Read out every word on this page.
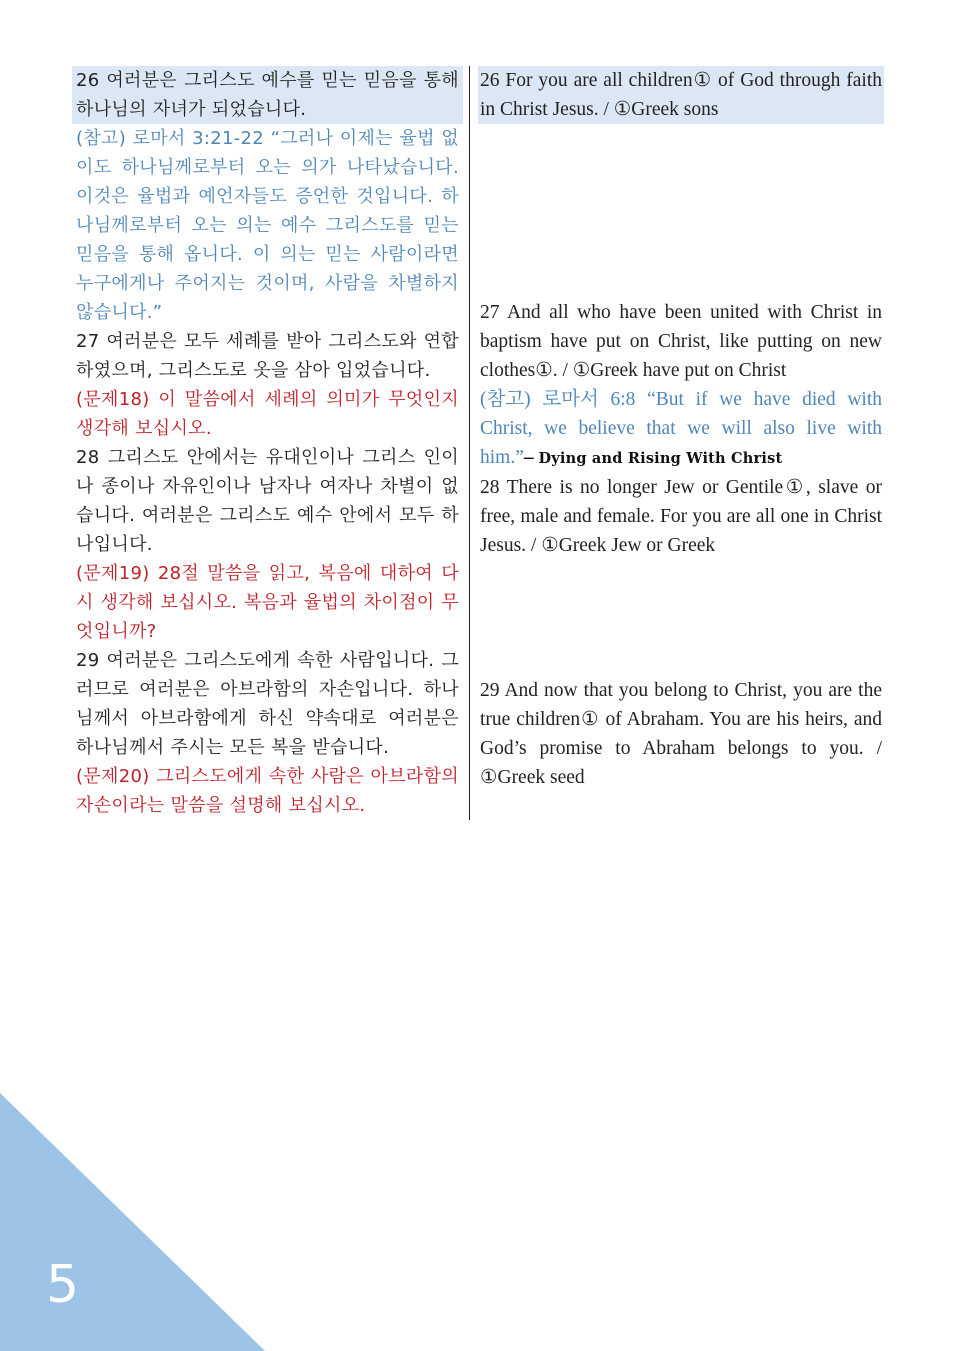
26 여러분은 그리스도 예수를 믿는 믿음을 통해 하나님의 자녀가 되었습니다.

(참고) 로마서 3:21-22 “그러나 이제는 율법 없이도 하나님께로부터 오는 의가 나타났습니다. 이것은 율법과 예언자들도 증언한 것입니다. 하나님께로부터 오는 의는 예수 그리스도를 믿는 믿음을 통해 옵니다. 이 의는 믿는 사람이라면 누구에게나 주어지는 것이며, 사람을 차별하지 않습니다.”

27 여러분은 모두 세례를 받아 그리스도와 연합하였으며, 그리스도로 옷을 삼아 입었습니다.

(문제18) 이 말씀에서 세례의 의미가 무엇인지 생각해 보십시오.

28 그리스도 안에서는 유대인이나 그리스 인이나 종이나 자유인이나 남자나 여자나 차별이 없습니다. 여러분은 그리스도 예수 안에서 모두 하나입니다.

(문제19) 28절 말씀을 읽고, 복음에 대하여 다시 생각해 보십시오. 복음과 율법의 차이점이 무엇입니까?

29 여러분은 그리스도에게 속한 사람입니다. 그러므로 여러분은 아브라함의 자손입니다. 하나님께서 아브라함에게 하신 약속대로 여러분은 하나님께서 주시는 모든 복을 받습니다.

(문제20) 그리스도에게 속한 사람은 아브라함의 자손이라는 말씀을 설명해 보십시오.

26 For you are all children① of God through faith in Christ Jesus. / ①Greek sons

27 And all who have been united with Christ in baptism have put on Christ, like putting on new clothes①. / ①Greek have put on Christ

(참고) 로마서 6:8 “But if we have died with Christ, we believe that we will also live with him.”– Dying and Rising With Christ

28 There is no longer Jew or Gentile①, slave or free, male and female. For you are all one in Christ Jesus. / ①Greek Jew or Greek

29 And now that you belong to Christ, you are the true children① of Abraham. You are his heirs, and God’s promise to Abraham belongs to you. / ①Greek seed

5
